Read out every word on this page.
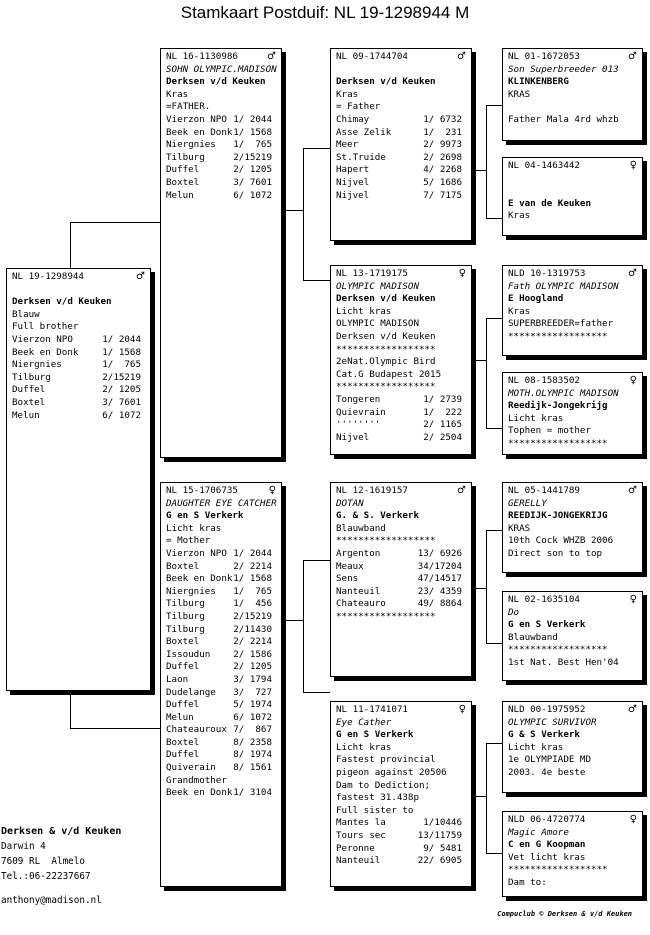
Stamkaart Postduif: NL 19-1298944 M
NL 19-1298944	♂
Derksen v/d Keuken
Blauw
Full brother
Vierzon NPO	1/ 2044
Beek en Donk	1/ 1568
Niergnies	1/  765
Tilburg	2/15219
Duffel	2/ 1205
Boxtel	3/ 7601
Melun	6/ 1072
NL 16-1130986	♂
SOHN OLYMPIC.MADISON
Derksen v/d Keuken
Kras
=FATHER.
Vierzon NPO 1/ 2044
Beek en Donk 1/ 1568
Niergnies 1/  765
Tilburg	2/15219
Duffel	2/ 1205
Boxtel	3/ 7601
Melun	6/ 1072
NL 15-1706735	♀
DAUGHTER EYE CATCHER
G en S Verkerk
Licht kras
= Mother
Vierzon NPO 1/ 2044
Boxtel	2/ 2214
Beek en Donk 1/ 1568
Niergnies 1/  765
Tilburg	1/  456
Tilburg	2/15219
Tilburg	2/11430
Boxtel	2/ 2214
Issoudun	2/ 1586
Duffel	2/ 1205
Laon	3/ 1794
Dudelange 3/  727
Duffel	5/ 1974
Melun	6/ 1072
Chateauroux 7/  867
Boxtel	8/ 2358
Duffel	8/ 1974
Quiverain 8/ 1561
Grandmother
Beek en Donk 1/ 3104
NL 09-1744704	♂
Derksen v/d Keuken
Kras
= Father
Chimay	1/ 6732
Asse Zelik	1/  231
Meer	2/ 9973
St.Truide	2/ 2698
Hapert	4/ 2268
Nijvel	5/ 1686
Nijvel	7/ 7175
NL 13-1719175	♀
OLYMPIC MADISON
Derksen v/d Keuken
Licht kras
OLYMPIC MADISON
Derksen v/d Keuken
******************
2eNat.Olympic Bird
Cat.G Budapest 2015
******************
Tongeren	1/ 2739
Quievrain	1/  222
''''''''	2/ 1165
Nijvel	2/ 2504
NL 12-1619157	♂
DOTAN
G. & S. Verkerk
Blauwband
******************
Argenton	13/ 6926
Meaux	34/17204
Sens	47/14517
Nanteuil	23/ 4359
Chateauro	49/ 8864
******************
NL 11-1741071	♀
Eye Cather
G en S Verkerk
Licht kras
Fastest provincial
pigeon against 20506
Dam to Dediction;
fastest 31.438p
Full sister to
Mantes la	1/10446
Tours sec	13/11759
Peronne	9/ 5481
Nanteuil	22/ 6905
NL 01-1672053	♂
Son Superbreeder 013
KLINKENBERG
KRAS
Father Mala 4rd whzb
NL 04-1463442	♀
E van de Keuken
Kras
NLD 10-1319753	♂
Fath OLYMPIC MADISON
E Hoogland
Kras
SUPERBREEDER=father
******************
NL 08-1583502	♀
MOTH.OLYMPIC MADISON
Reedijk-Jongekrijg
Licht kras
Tophen = mother
******************
NL 05-1441789	♂
GERELLY
REEDIJK-JONGEKRIJG
KRAS
10th Cock WHZB 2006
Direct son to top
NL 02-1635104	♀
Do
G en S Verkerk
Blauwband
******************
1st Nat. Best Hen'04
NLD 00-1975952	♂
OLYMPIC SURVIVOR
G & S Verkerk
Licht kras
1e OLYMPIADE MD
2003. 4e beste
NLD 06-4720774	♀
Magic Amore
C en G Koopman
Vet licht kras
******************
Dam to:
Derksen & v/d Keuken
Darwin 4
7609 RL  Almelo
Tel.:06-22237667
anthony@madison.nl
Compuclub © Derksen & v/d Keuken
